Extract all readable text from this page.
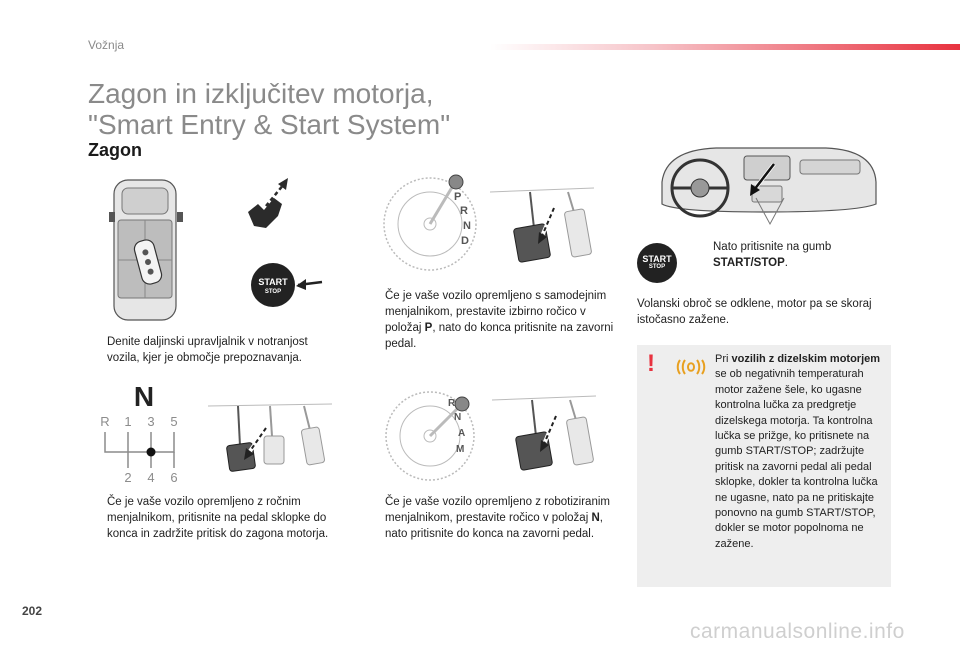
Vožnja
Zagon in izključitev motorja,
"Smart Entry & Start System"
Zagon
START
STOP
Denite daljinski upravljalnik v notranjost vozila, kjer je območje prepoznavanja.
N
R 1 3 5
2 4 6
Če je vaše vozilo opremljeno z ročnim menjalnikom, pritisnite na pedal sklopke do konca in zadržite pritisk do zagona motorja.
P
R
N
D
Če je vaše vozilo opremljeno s samodejnim menjalnikom, prestavite izbirno ročico v položaj P, nato do konca pritisnite na zavorni pedal.
R
N
A
M
Če je vaše vozilo opremljeno z robotiziranim menjalnikom, prestavite ročico v položaj N, nato pritisnite do konca na zavorni pedal.
START
STOP
Nato pritisnite na gumb START/STOP.
Volanski obroč se odklene, motor pa se skoraj istočasno zažene.
!	Pri vozilih z dizelskim motorjem se ob negativnih temperaturah motor zažene šele, ko ugasne kontrolna lučka za predgretje dizelskega motorja. Ta kontrolna lučka se prižge, ko pritisnete na gumb START/STOP; zadržujte pritisk na zavorni pedal ali pedal sklopke, dokler ta kontrolna lučka ne ugasne, nato pa ne pritiskajte ponovno na gumb START/STOP, dokler se motor popolnoma ne zažene.
202
carmanualsonline.info
